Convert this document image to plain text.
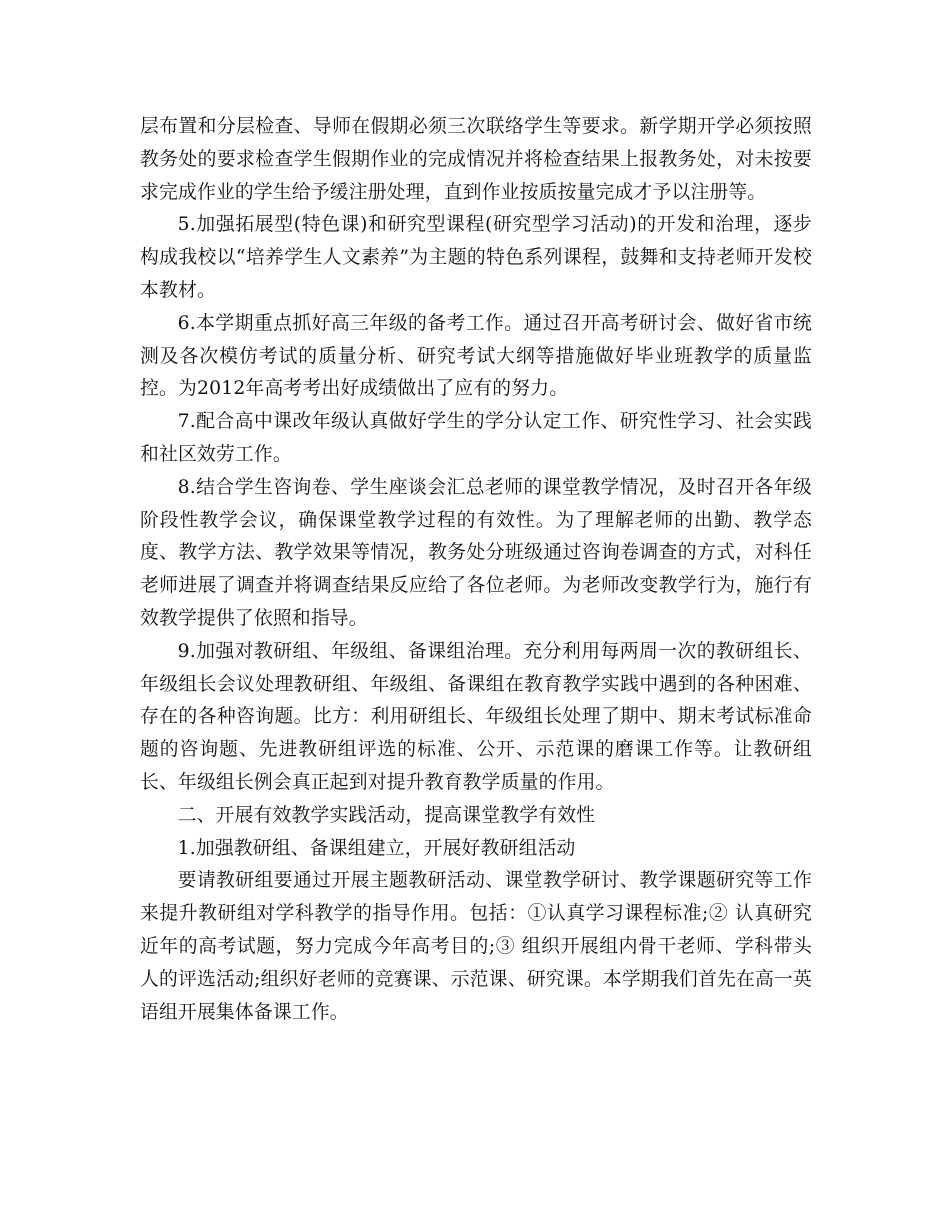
层布置和分层检查、导师在假期必须三次联络学生等要求。新学期开学必须按照教务处的要求检查学生假期作业的完成情况并将检查结果上报教务处，对未按要求完成作业的学生给予缓注册处理，直到作业按质按量完成才予以注册等。

5.加强拓展型(特色课)和研究型课程(研究型学习活动)的开发和治理，逐步构成我校以“培养学生人文素养”为主题的特色系列课程，鼓舞和支持老师开发校本教材。

6.本学期重点抓好高三年级的备考工作。通过召开高考研讨会、做好省市统测及各次模仿考试的质量分析、研究考试大纲等措施做好毕业班教学的质量监控。为2012年高考考出好成绩做出了应有的努力。

7.配合高中课改年级认真做好学生的学分认定工作、研究性学习、社会实践和社区效劳工作。

8.结合学生咨询卷、学生座谈会汇总老师的课堂教学情况，及时召开各年级阶段性教学会议，确保课堂教学过程的有效性。为了理解老师的出勤、教学态度、教学方法、教学效果等情况，教务处分班级通过咨询卷调查的方式，对科任老师进展了调查并将调查结果反应给了各位老师。为老师改变教学行为，施行有效教学提供了依照和指导。

9.加强对教研组、年级组、备课组治理。充分利用每两周一次的教研组长、年级组长会议处理教研组、年级组、备课组在教育教学实践中遇到的各种困难、存在的各种咨询题。比方：利用研组长、年级组长处理了期中、期末考试标准命题的咨询题、先进教研组评选的标准、公开、示范课的磨课工作等。让教研组长、年级组长例会真正起到对提升教育教学质量的作用。

二、开展有效教学实践活动，提高课堂教学有效性

1.加强教研组、备课组建立，开展好教研组活动

要请教研组要通过开展主题教研活动、课堂教学研讨、教学课题研究等工作来提升教研组对学科教学的指导作用。包括：①认真学习课程标准;② 认真研究近年的高考试题，努力完成今年高考目的;③ 组织开展组内骨干老师、学科带头人的评选活动;组织好老师的竞赛课、示范课、研究课。本学期我们首先在高一英语组开展集体备课工作。
